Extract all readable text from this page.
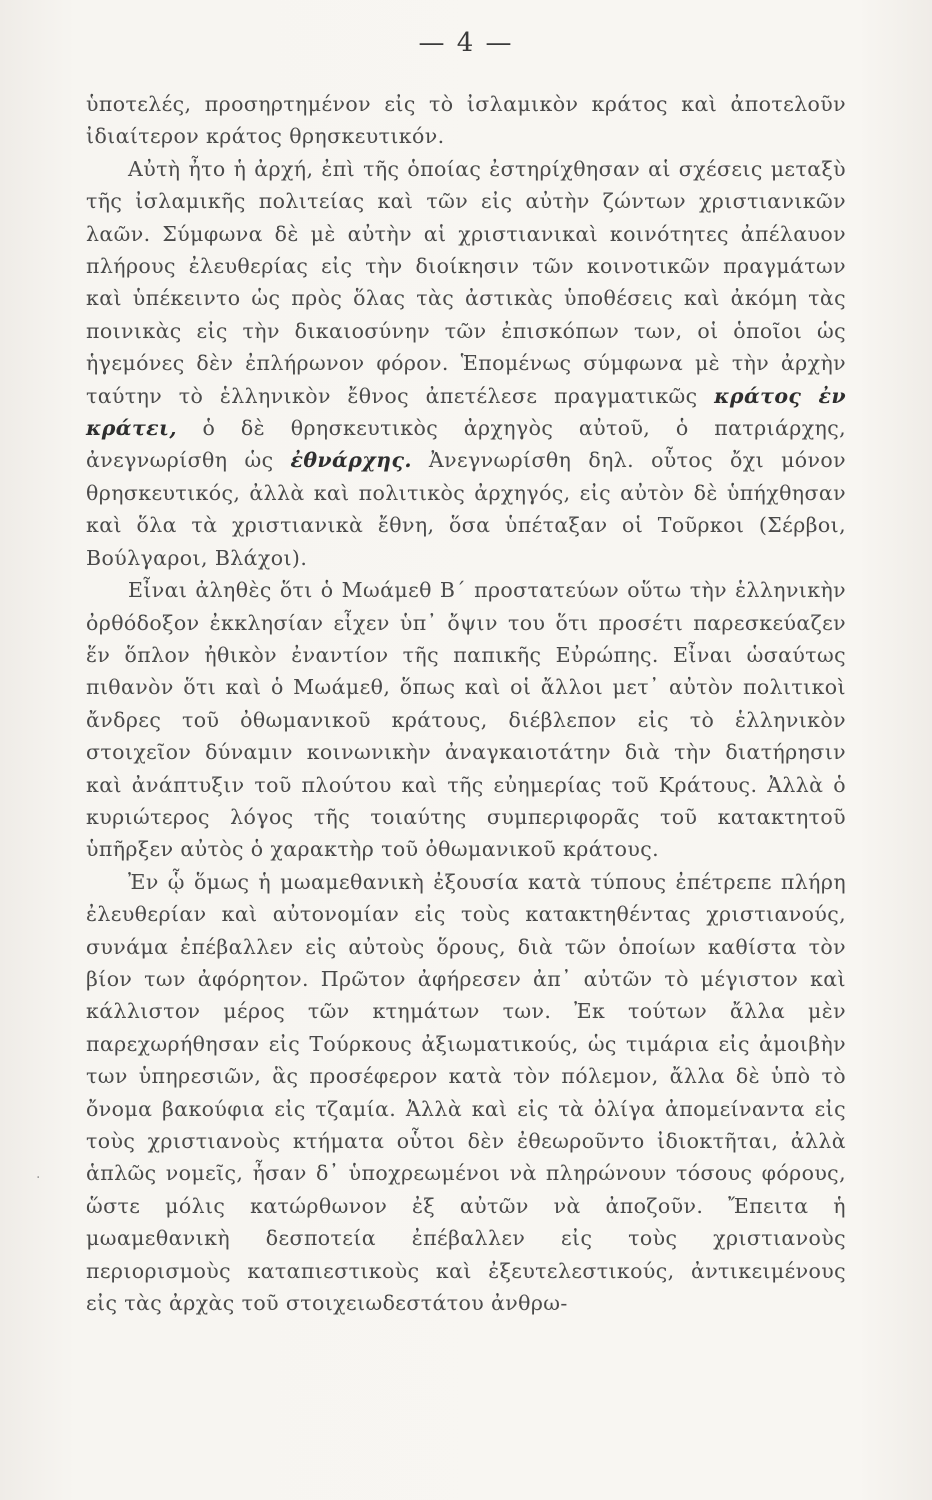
— 4 —

ὑποτελές, προσηρτημένον εἰς τὸ ἰσλαμικὸν κράτος καὶ ἀποτελοῦν ἰδιαίτερον κράτος θρησκευτικόν.

Αὐτὴ ἦτο ἡ ἀρχή, ἐπὶ τῆς ὁποίας ἐστηρίχθησαν αἱ σχέσεις μεταξὺ τῆς ἰσλαμικῆς πολιτείας καὶ τῶν εἰς αὐτὴν ζώντων χριστιανικῶν λαῶν. Σύμφωνα δὲ μὲ αὐτὴν αἱ χριστιανικαὶ κοινότητες ἀπέλαυον πλήρους ἐλευθερίας εἰς τὴν διοίκησιν τῶν κοινοτικῶν πραγμάτων καὶ ὑπέκειντο ὡς πρὸς ὅλας τὰς ἀστικὰς ὑποθέσεις καὶ ἀκόμη τὰς ποινικὰς εἰς τὴν δικαιοσύνην τῶν ἐπισκόπων των, οἱ ὁποῖοι ὡς ἡγεμόνες δὲν ἐπλήρωνον φόρον. Ἑπομένως σύμφωνα μὲ τὴν ἀρχὴν ταύτην τὸ ἑλληνικὸν ἔθνος ἀπετέλεσε πραγματικῶς κράτος ἐν κράτει, ὁ δὲ θρησκευτικὸς ἀρχηγὸς αὐτοῦ, ὁ πατριάρχης, ἀνεγνωρίσθη ὡς ἐθνάρχης. Ἀνεγνωρίσθη δηλ. οὗτος ὄχι μόνον θρησκευτικός, ἀλλὰ καὶ πολιτικὸς ἀρχηγός, εἰς αὐτὸν δὲ ὑπήχθησαν καὶ ὅλα τὰ χριστιανικὰ ἔθνη, ὅσα ὑπέταξαν οἱ Τοῦρκοι (Σέρβοι, Βούλγαροι, Βλάχοι).

Εἶναι ἀληθὲς ὅτι ὁ Μωάμεθ Β΄ προστατεύων οὕτω τὴν ἑλληνικὴν ὀρθόδοξον ἐκκλησίαν εἶχεν ὑπ᾿ ὄψιν του ὅτι προσέτι παρεσκεύαζεν ἕν ὅπλον ἠθικὸν ἐναντίον τῆς παπικῆς Εὐρώπης. Εἶναι ὡσαύτως πιθανὸν ὅτι καὶ ὁ Μωάμεθ, ὅπως καὶ οἱ ἄλλοι μετ᾿ αὐτὸν πολιτικοὶ ἄνδρες τοῦ ὀθωμανικοῦ κράτους, διέβλεπον εἰς τὸ ἑλληνικὸν στοιχεῖον δύναμιν κοινωνικὴν ἀναγκαιοτάτην διὰ τὴν διατήρησιν καὶ ἀνάπτυξιν τοῦ πλούτου καὶ τῆς εὐημερίας τοῦ Κράτους. Ἀλλὰ ὁ κυριώτερος λόγος τῆς τοιαύτης συμπεριφορᾶς τοῦ κατακτητοῦ ὑπῆρξεν αὐτὸς ὁ χαρακτὴρ τοῦ ὀθωμανικοῦ κράτους.

Ἐν ᾧ ὅμως ἡ μωαμεθανικὴ ἐξουσία κατὰ τύπους ἐπέτρεπε πλήρη ἐλευθερίαν καὶ αὐτονομίαν εἰς τοὺς κατακτηθέντας χριστιανούς, συνάμα ἐπέβαλλεν εἰς αὐτοὺς ὅρους, διὰ τῶν ὁποίων καθίστα τὸν βίον των ἀφόρητον. Πρῶτον ἀφήρεσεν ἀπ᾿ αὐτῶν τὸ μέγιστον καὶ κάλλιστον μέρος τῶν κτημάτων των. Ἐκ τούτων ἄλλα μὲν παρεχωρήθησαν εἰς Τούρκους ἀξιωματικούς, ὡς τιμάρια εἰς ἀμοιβὴν των ὑπηρεσιῶν, ἃς προσέφερον κατὰ τὸν πόλεμον, ἄλλα δὲ ὑπὸ τὸ ὄνομα βακούφια εἰς τζαμία. Ἀλλὰ καὶ εἰς τὰ ὀλίγα ἀπομείναντα εἰς τοὺς χριστιανοὺς κτήματα οὗτοι δὲν ἐθεωροῦντο ἰδιοκτῆται, ἀλλὰ ἁπλῶς νομεῖς, ἦσαν δ᾿ ὑποχρεωμένοι νὰ πληρώνουν τόσους φόρους, ὥστε μόλις κατώρθωνον ἐξ αὐτῶν νὰ ἀποζοῦν. Ἔπειτα ἡ μωαμεθανικὴ δεσποτεία ἐπέβαλλεν εἰς τοὺς χριστιανοὺς περιορισμοὺς καταπιεστικοὺς καὶ ἐξευτελεστικούς, ἀντικειμένους εἰς τὰς ἀρχὰς τοῦ στοιχειωδεστάτου ἀνθρω-

·
